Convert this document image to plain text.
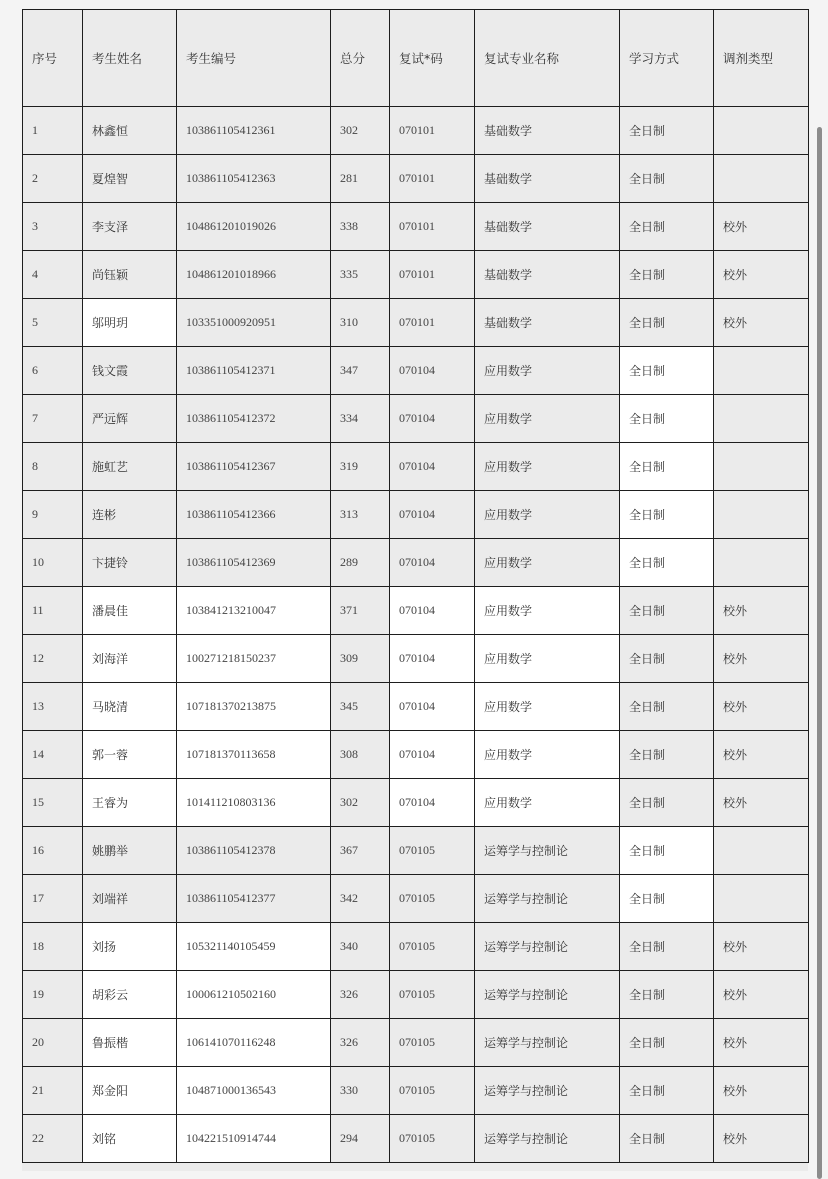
序号	考生姓名	考生编号	总分	复试*码	复试专业名称	学习方式	调剂类型
1	林鑫恒	103861105412361	302	070101	基础数学	全日制	
2	夏煌智	103861105412363	281	070101	基础数学	全日制	
3	李支泽	104861201019026	338	070101	基础数学	全日制	校外
4	尚钰颖	104861201018966	335	070101	基础数学	全日制	校外
5	邬明玥	103351000920951	310	070101	基础数学	全日制	校外
6	钱文霞	103861105412371	347	070104	应用数学	全日制	
7	严远辉	103861105412372	334	070104	应用数学	全日制	
8	施虹艺	103861105412367	319	070104	应用数学	全日制	
9	连彬	103861105412366	313	070104	应用数学	全日制	
10	卞捷铃	103861105412369	289	070104	应用数学	全日制	
11	潘晨佳	103841213210047	371	070104	应用数学	全日制	校外
12	刘海洋	100271218150237	309	070104	应用数学	全日制	校外
13	马晓清	107181370213875	345	070104	应用数学	全日制	校外
14	郭一蓉	107181370113658	308	070104	应用数学	全日制	校外
15	王睿为	101411210803136	302	070104	应用数学	全日制	校外
16	姚鹏举	103861105412378	367	070105	运筹学与控制论	全日制	
17	刘端祥	103861105412377	342	070105	运筹学与控制论	全日制	
18	刘扬	105321140105459	340	070105	运筹学与控制论	全日制	校外
19	胡彩云	100061210502160	326	070105	运筹学与控制论	全日制	校外
20	鲁振楷	106141070116248	326	070105	运筹学与控制论	全日制	校外
21	郑金阳	104871000136543	330	070105	运筹学与控制论	全日制	校外
22	刘铭	104221510914744	294	070105	运筹学与控制论	全日制	校外
